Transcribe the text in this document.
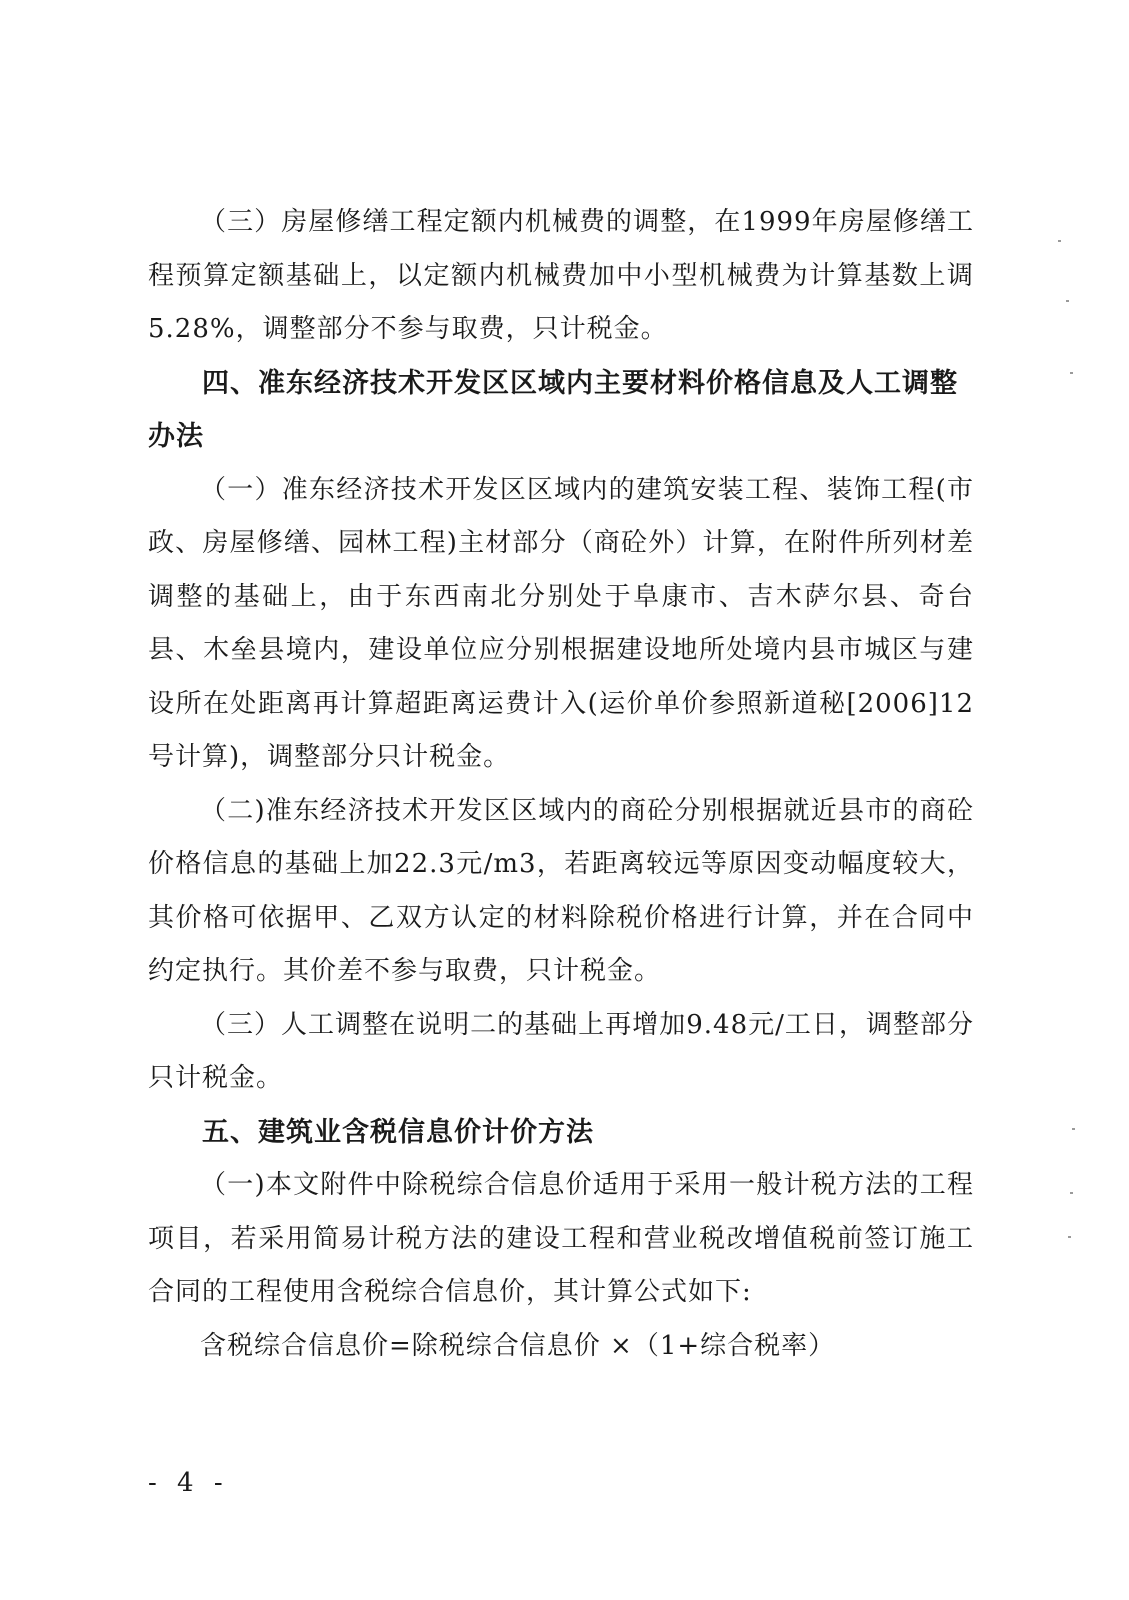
（三）房屋修缮工程定额内机械费的调整，在1999年房屋修缮工程预算定额基础上，以定额内机械费加中小型机械费为计算基数上调5.28%，调整部分不参与取费，只计税金。

四、准东经济技术开发区区域内主要材料价格信息及人工调整办法

（一）准东经济技术开发区区域内的建筑安装工程、装饰工程(市政、房屋修缮、园林工程)主材部分（商砼外）计算，在附件所列材差调整的基础上，由于东西南北分别处于阜康市、吉木萨尔县、奇台县、木垒县境内，建设单位应分别根据建设地所处境内县市城区与建设所在处距离再计算超距离运费计入(运价单价参照新道秘[2006]12号计算)，调整部分只计税金。

（二)准东经济技术开发区区域内的商砼分别根据就近县市的商砼价格信息的基础上加22.3元/m3，若距离较远等原因变动幅度较大，其价格可依据甲、乙双方认定的材料除税价格进行计算，并在合同中约定执行。其价差不参与取费，只计税金。

（三）人工调整在说明二的基础上再增加9.48元/工日，调整部分只计税金。

五、建筑业含税信息价计价方法

（一)本文附件中除税综合信息价适用于采用一般计税方法的工程项目，若采用简易计税方法的建设工程和营业税改增值税前签订施工合同的工程使用含税综合信息价，其计算公式如下:

含税综合信息价=除税综合信息价 ×（1+综合税率）

- 4 -
